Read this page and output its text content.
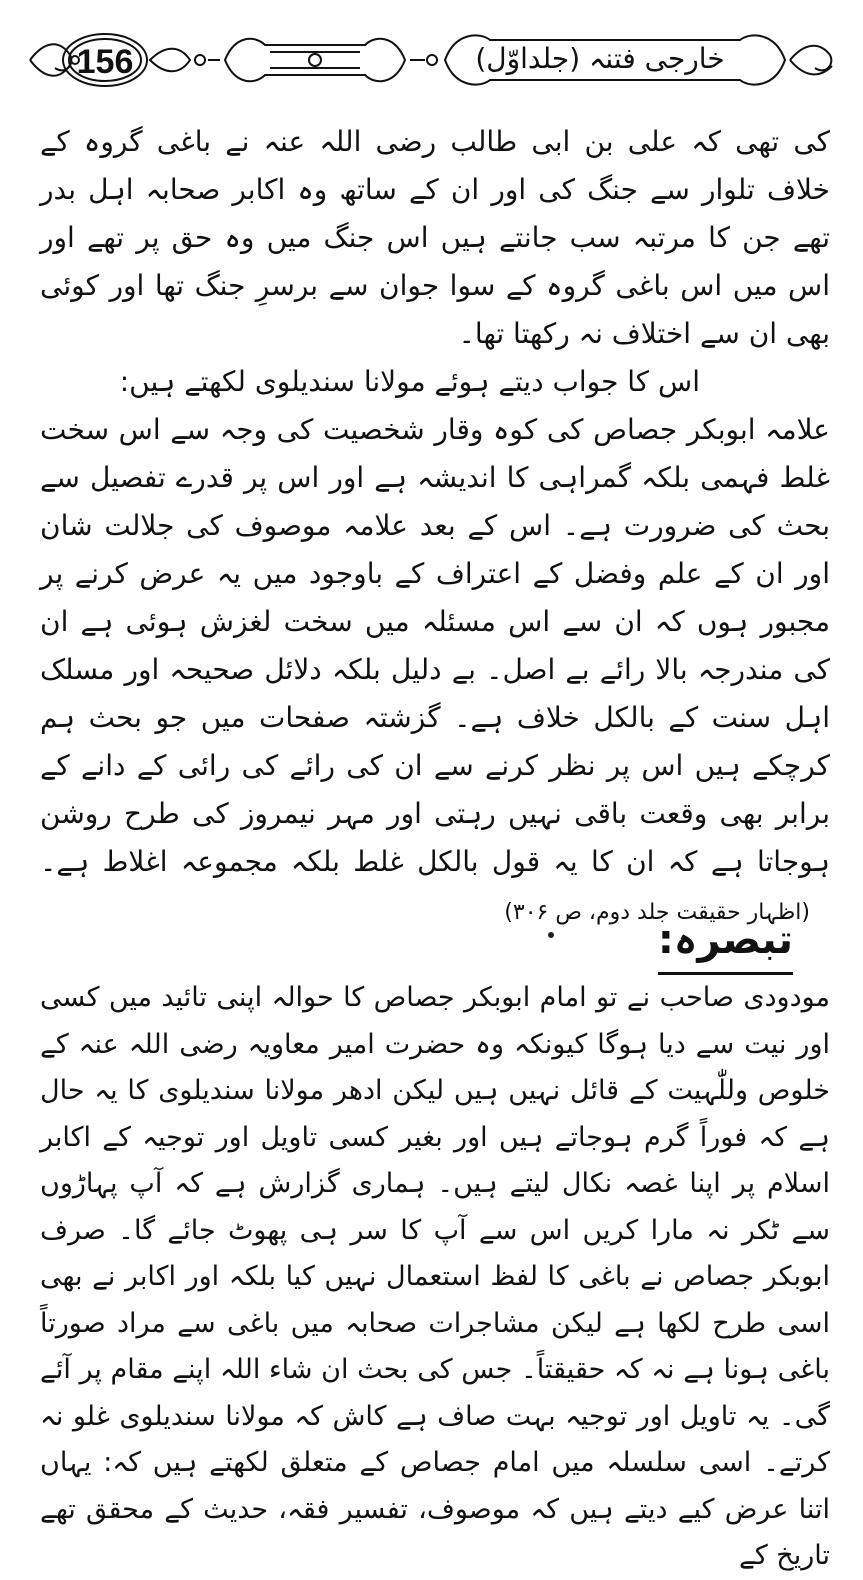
156	خارجی فتنہ (جلداوّل)

کی تھی کہ علی بن ابی طالب رضی اللہ عنہ نے باغی گروہ کے خلاف تلوار سے جنگ کی اور ان کے ساتھ وہ اکابر صحابہ اہل بدر تھے جن کا مرتبہ سب جانتے ہیں اس جنگ میں وہ حق پر تھے اور اس میں اس باغی گروہ کے سوا جوان سے برسرِ جنگ تھا اور کوئی بھی ان سے اختلاف نہ رکھتا تھا۔

اس کا جواب دیتے ہوئے مولانا سندیلوی لکھتے ہیں:

علامہ ابوبکر جصاص کی کوہ وقار شخصیت کی وجہ سے اس سخت غلط فہمی بلکہ گمراہی کا اندیشہ ہے اور اس پر قدرے تفصیل سے بحث کی ضرورت ہے۔ اس کے بعد علامہ موصوف کی جلالت شان اور ان کے علم وفضل کے اعتراف کے باوجود میں یہ عرض کرنے پر مجبور ہوں کہ ان سے اس مسئلہ میں سخت لغزش ہوئی ہے ان کی مندرجہ بالا رائے بے اصل۔ بے دلیل بلکہ دلائل صحیحہ اور مسلک اہل سنت کے بالکل خلاف ہے۔ گزشتہ صفحات میں جو بحث ہم کرچکے ہیں اس پر نظر کرنے سے ان کی رائے کی رائی کے دانے کے برابر بھی وقعت باقی نہیں رہتی اور مہر نیمروز کی طرح روشن ہوجاتا ہے کہ ان کا یہ قول بالکل غلط بلکہ مجموعہ اغلاط ہے۔(اظہار حقیقت جلد دوم، ص ۳۰۶)

تبصرہ:

مودودی صاحب نے تو امام ابوبکر جصاص کا حوالہ اپنی تائید میں کسی اور نیت سے دیا ہوگا کیونکہ وہ حضرت امیر معاویہ رضی اللہ عنہ کے خلوص وللّٰہیت کے قائل نہیں ہیں لیکن ادھر مولانا سندیلوی کا یہ حال ہے کہ فوراً گرم ہوجاتے ہیں اور بغیر کسی تاویل اور توجیہ کے اکابر اسلام پر اپنا غصہ نکال لیتے ہیں۔ ہماری گزارش ہے کہ آپ پہاڑوں سے ٹکر نہ مارا کریں اس سے آپ کا سر ہی پھوٹ جائے گا۔ صرف ابوبکر جصاص نے باغی کا لفظ استعمال نہیں کیا بلکہ اور اکابر نے بھی اسی طرح لکھا ہے لیکن مشاجرات صحابہ میں باغی سے مراد صورتاً باغی ہونا ہے نہ کہ حقیقتاً۔ جس کی بحث ان شاء اللہ اپنے مقام پر آئے گی۔ یہ تاویل اور توجیہ بہت صاف ہے کاش کہ مولانا سندیلوی غلو نہ کرتے۔ اسی سلسلہ میں امام جصاص کے متعلق لکھتے ہیں کہ: یہاں اتنا عرض کیے دیتے ہیں کہ موصوف، تفسیر فقہ، حدیث کے محقق تھے تاریخ کے
